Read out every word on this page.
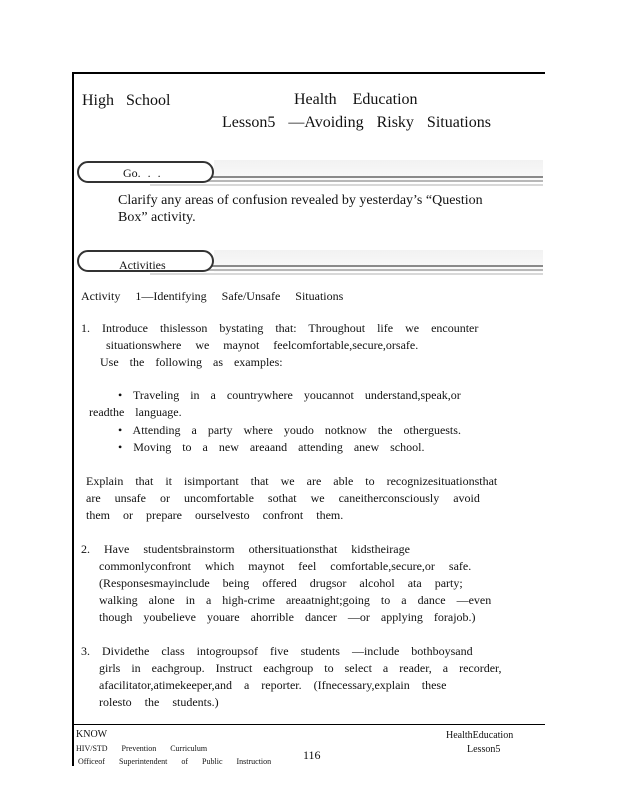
High School	Health Education
Lesson5 —Avoiding Risky Situations
Go. . .
Clarify any areas of confusion revealed by yesterday’s “Question
Box” activity.
Activities
Activity 1—Identifying Safe/Unsafe Situations
1. Introduce thislesson bystating that: Throughout life we encounter
situationswhere we maynot feelcomfortable,secure,orsafe.
Use the following as examples:
• Traveling in a countrywhere youcannot understand,speak,or
readthe language.
• Attending a party where youdo notknow the otherguests.
• Moving to a new areaand attending anew school.
Explain that it isimportant that we are able to recognizesituationsthat
are unsafe or uncomfortable sothat we caneitherconsciously avoid
them or prepare ourselvesto confront them.
2. Have studentsbrainstorm othersituationsthat kidstheirage
commonlyconfront which maynot feel comfortable,secure,or safe.
(Responsesmayinclude being offered drugsor alcohol ata party;
walking alone in a high-crime areaatnight;going to a dance —even
though youbelieve youare ahorrible dancer —or applying forajob.)
3. Dividethe class intogroupsof five students —include bothboysand
girls in eachgroup. Instruct eachgroup to select a reader, a recorder,
afacilitator,atimekeeper,and a reporter. (Ifnecessary,explain these
rolesto the students.)
KNOW
HIV/STD Prevention Curriculum
Officeof Superintendent of Public Instruction	116
HealthEducation
Lesson5
